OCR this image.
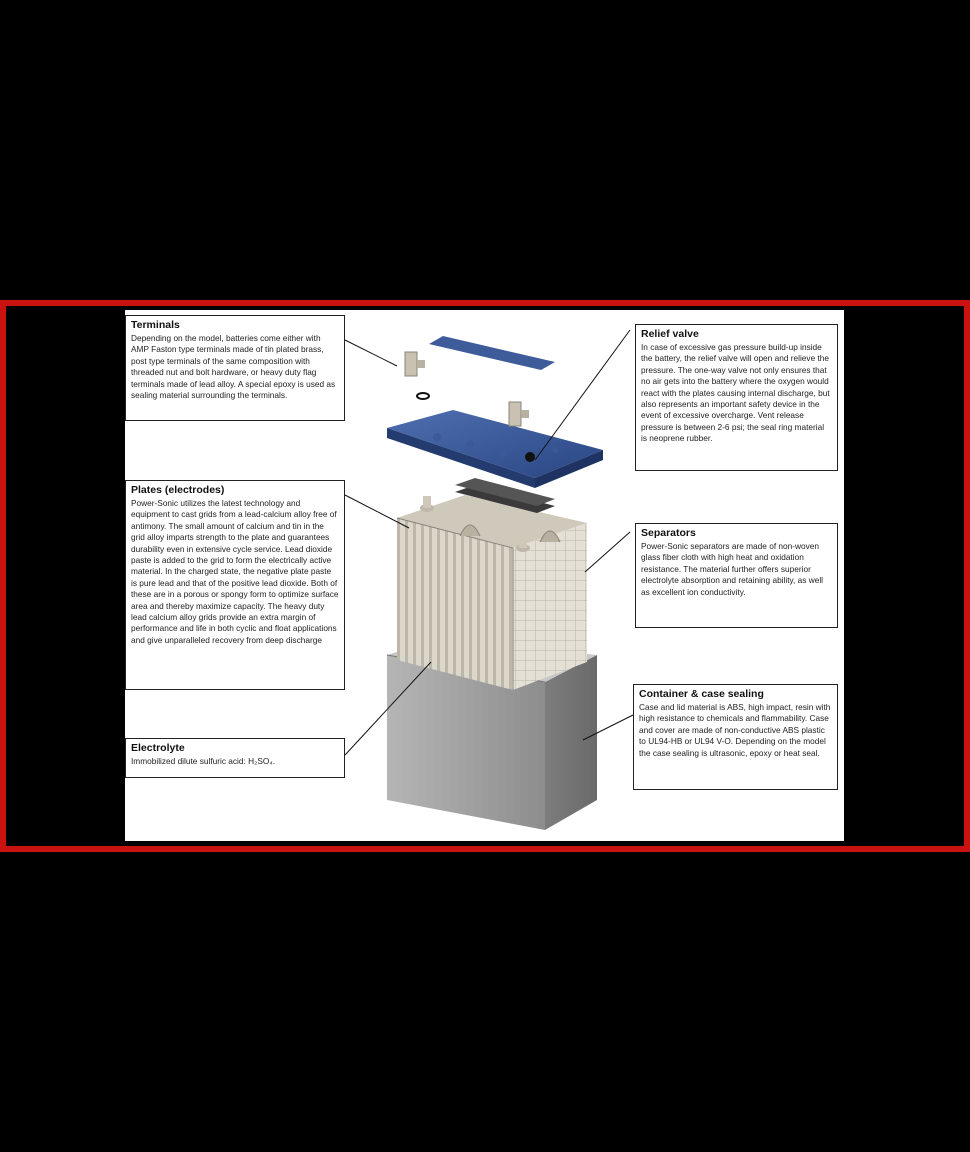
Terminals

Depending on the model, batteries come either with AMP Faston type terminals made of tin plated brass, post type terminals of the same composition with threaded nut and bolt hardware, or heavy duty flag terminals made of lead alloy. A special epoxy is used as sealing material surrounding the terminals.

Relief valve

In case of excessive gas pressure build-up inside the battery, the relief valve will open and relieve the pressure. The one-way valve not only ensures that no air gets into the battery where the oxygen would react with the plates causing internal discharge, but also represents an important safety device in the event of excessive overcharge. Vent release pressure is between 2-6 psi; the seal ring material is neoprene rubber.

Plates (electrodes)

Power-Sonic utilizes the latest technology and equipment to cast grids from a lead-calcium alloy free of antimony. The small amount of calcium and tin in the grid alloy imparts strength to the plate and guarantees durability even in extensive cycle service. Lead dioxide paste is added to the grid to form the electrically active material. In the charged state, the negative plate paste is pure lead and that of the positive lead dioxide. Both of these are in a porous or spongy form to optimize surface area and thereby maximize capacity. The heavy duty lead calcium alloy grids provide an extra margin of performance and life in both cyclic and float applications and give unparalleled recovery from deep discharge

Separators

Power-Sonic separators are made of non-woven glass fiber cloth with high heat and oxidation resistance. The material further offers superior electrolyte absorption and retaining ability, as well as excellent ion conductivity.

Electrolyte

Immobilized dilute sulfuric acid: H₂SO₄.

Container & case sealing

Case and lid material is ABS, high impact, resin with high resistance to chemicals and flammability. Case and cover are made of non-conductive ABS plastic to UL94-HB or UL94 V-O. Depending on the model the case sealing is ultrasonic, epoxy or heat seal.
